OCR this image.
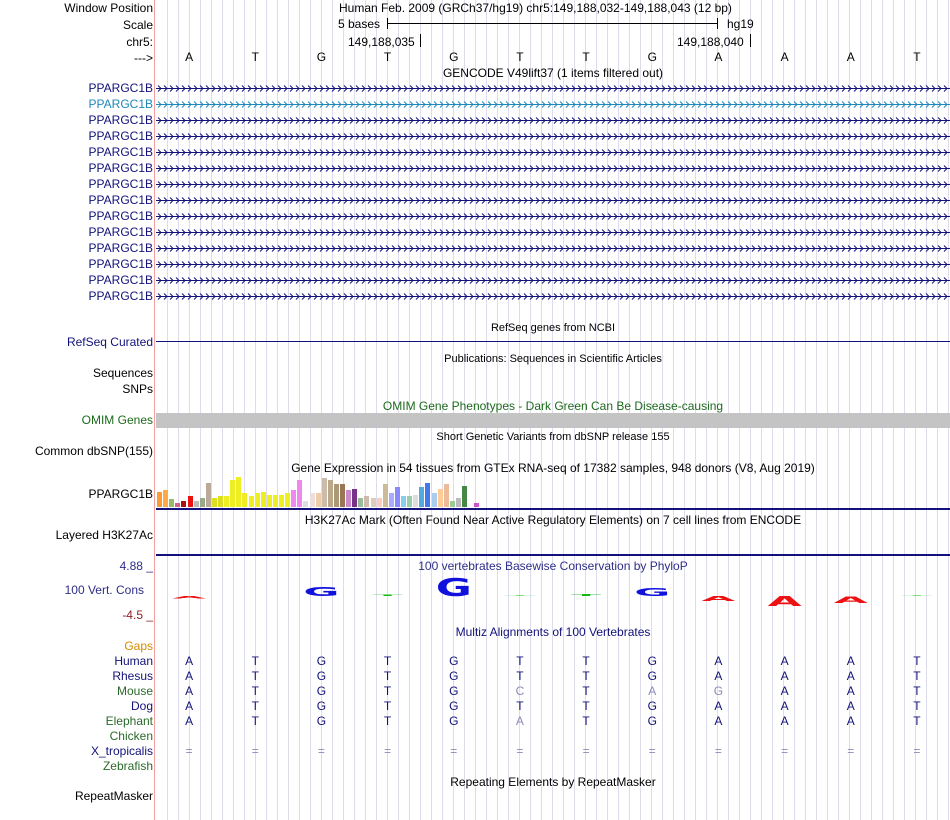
Window Position	Human Feb. 2009 (GRCh37/hg19) chr5:149,188,032-149,188,043 (12 bp)
Scale	5 bases	hg19
chr5:	149,188,035	149,188,040
--->	A	T	G	T	G	T	T	G	A	A	A	T
GENCODE V49lift37 (1 items filtered out)
PPARGC1B
PPARGC1B
PPARGC1B
PPARGC1B
PPARGC1B
PPARGC1B
PPARGC1B
PPARGC1B
PPARGC1B
PPARGC1B
PPARGC1B
PPARGC1B
PPARGC1B
PPARGC1B
RefSeq genes from NCBI
RefSeq Curated
Publications: Sequences in Scientific Articles
Sequences
SNPs
OMIM Gene Phenotypes - Dark Green Can Be Disease-causing
OMIM Genes
Short Genetic Variants from dbSNP release 155
Common dbSNP(155)
Gene Expression in 54 tissues from GTEx RNA-seq of 17382 samples, 948 donors (V8, Aug 2019)
PPARGC1B
H3K27Ac Mark (Often Found Near Active Regulatory Elements) on 7 cell lines from ENCODE
Layered H3K27Ac
100 vertebrates Basewise Conservation by PhyloP
4.88 _
100 Vert. Cons
-4.5 _
A	G T G T T G
A A A T
Multiz Alignments of 100 Vertebrates
Gaps
Human	A	T	G	T	G	T	T	G	A	A	A	T
Rhesus	A	T	G	T	G	T	T	G	A	A	A	T
Mouse	A	T	G	T	G	C	T	A	G	A	A	T
Dog	A	T	G	T	G	T	T	G	A	A	A	T
Elephant	A	T	G	T	G	A	T	G	A	A	A	T
Chicken
X_tropicalis	=	=	=	=	=	=	=	=	=	=	=	=
Zebrafish
Repeating Elements by RepeatMasker
RepeatMasker
